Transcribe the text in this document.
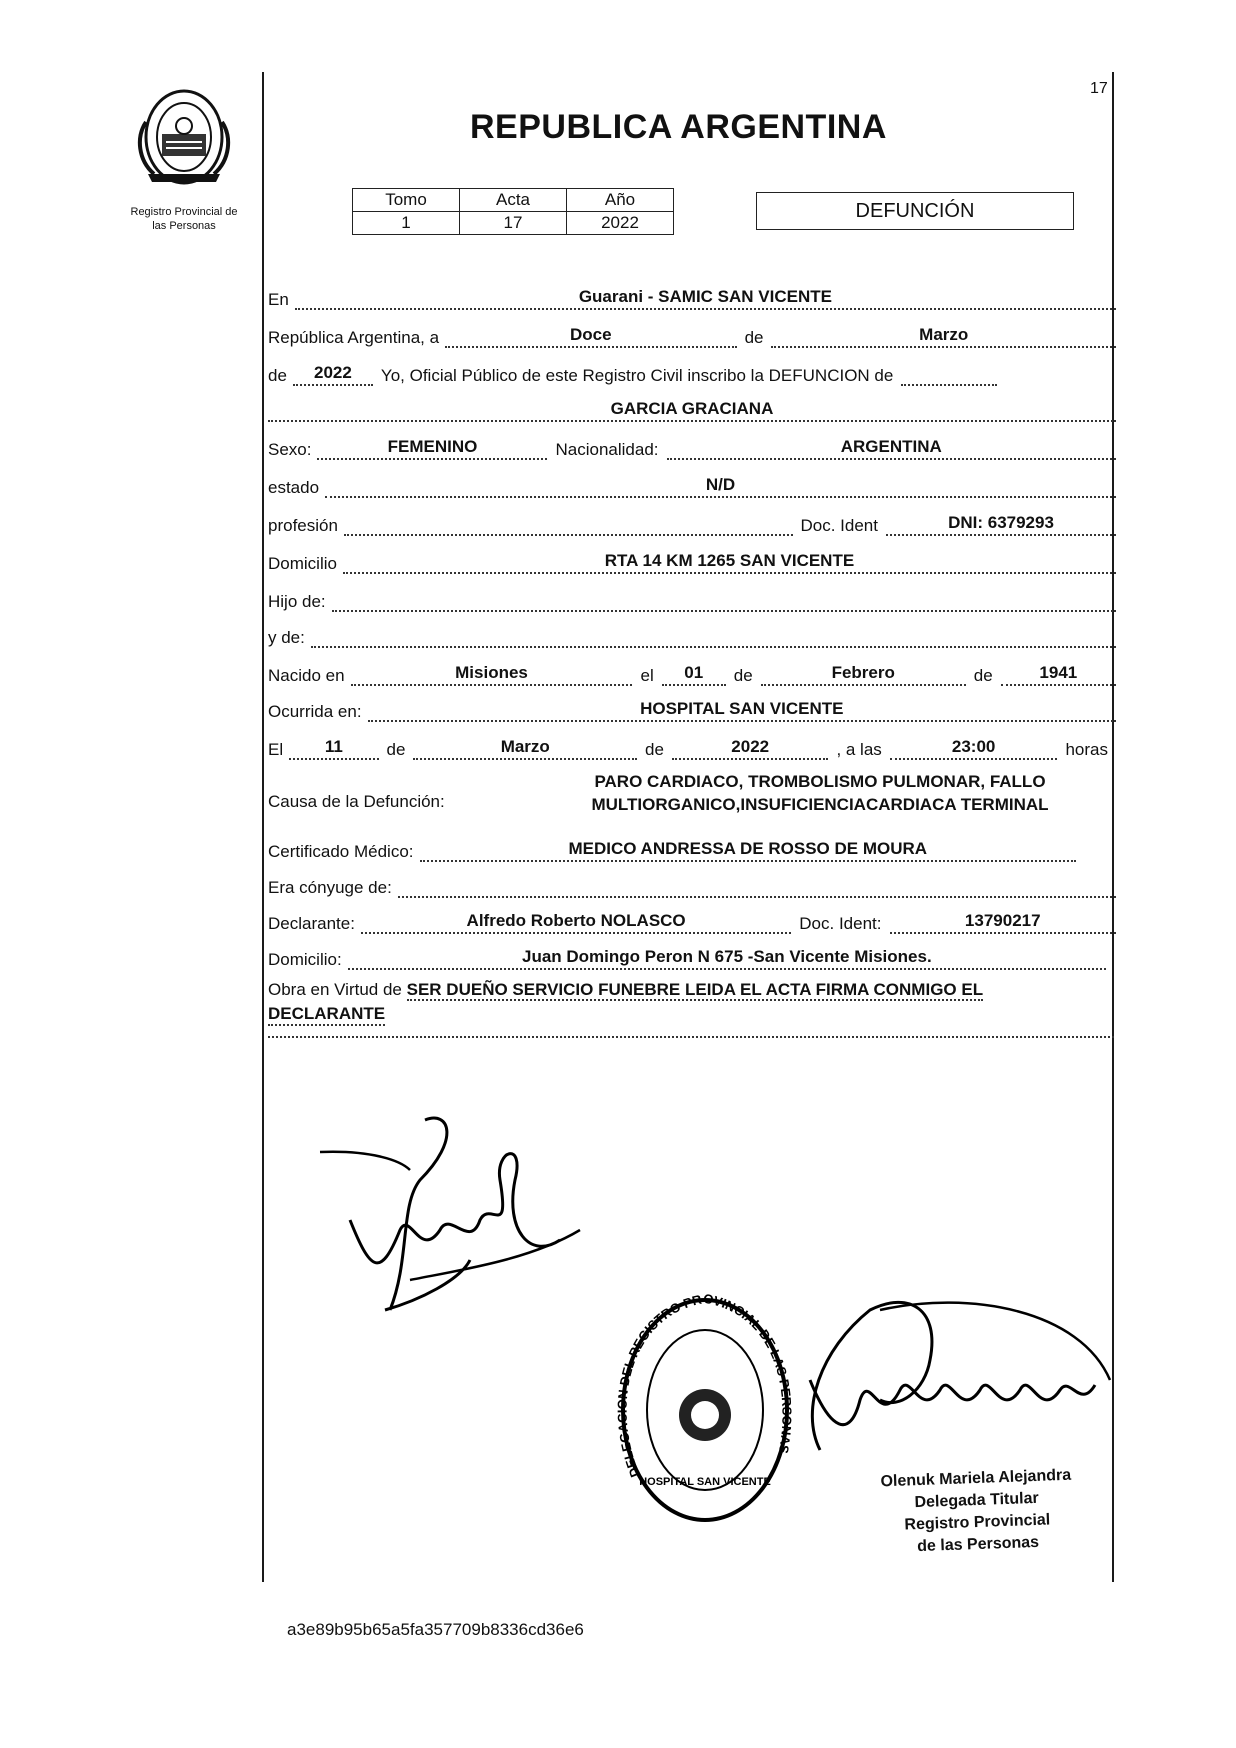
Registro Provincial de
las Personas
17
REPUBLICA ARGENTINA
Tomo	Acta	Año
1	17	2022
DEFUNCIÓN
En	Guarani - SAMIC SAN VICENTE
República Argentina, a	Doce	de	Marzo
de	2022	Yo, Oficial Público de este Registro Civil inscribo la DEFUNCION de
GARCIA GRACIANA
Sexo:	FEMENINO	Nacionalidad:	ARGENTINA
estado	N/D
profesión	Doc. Ident	DNI: 6379293
Domicilio	RTA 14 KM 1265 SAN VICENTE
Hijo de:
y de:
Nacido en	Misiones	el	01	de	Febrero	de	1941
Ocurrida en:	HOSPITAL SAN VICENTE
El	11	de	Marzo	de	2022	, a las	23:00	horas
Causa de la Defunción:
PARO CARDIACO, TROMBOLISMO PULMONAR, FALLO
MULTIORGANICO,INSUFICIENCIACARDIACA TERMINAL
Certificado Médico:	MEDICO ANDRESSA DE ROSSO DE MOURA
Era cónyuge de:
Declarante:	Alfredo Roberto NOLASCO	Doc. Ident:	13790217
Domicilio:	Juan Domingo Peron N 675 -San Vicente Misiones.
Obra en Virtud de SER DUEÑO SERVICIO FUNEBRE LEIDA EL ACTA FIRMA CONMIGO EL
DECLARANTE
DELEGACION DEL REGISTRO PROVINCIAL DE LAS PERSONAS
HOSPITAL SAN VICENTE	Olenuk Mariela Alejandra
Delegada Titular
Registro Provincial
de las Personas
a3e89b95b65a5fa357709b8336cd36e6
